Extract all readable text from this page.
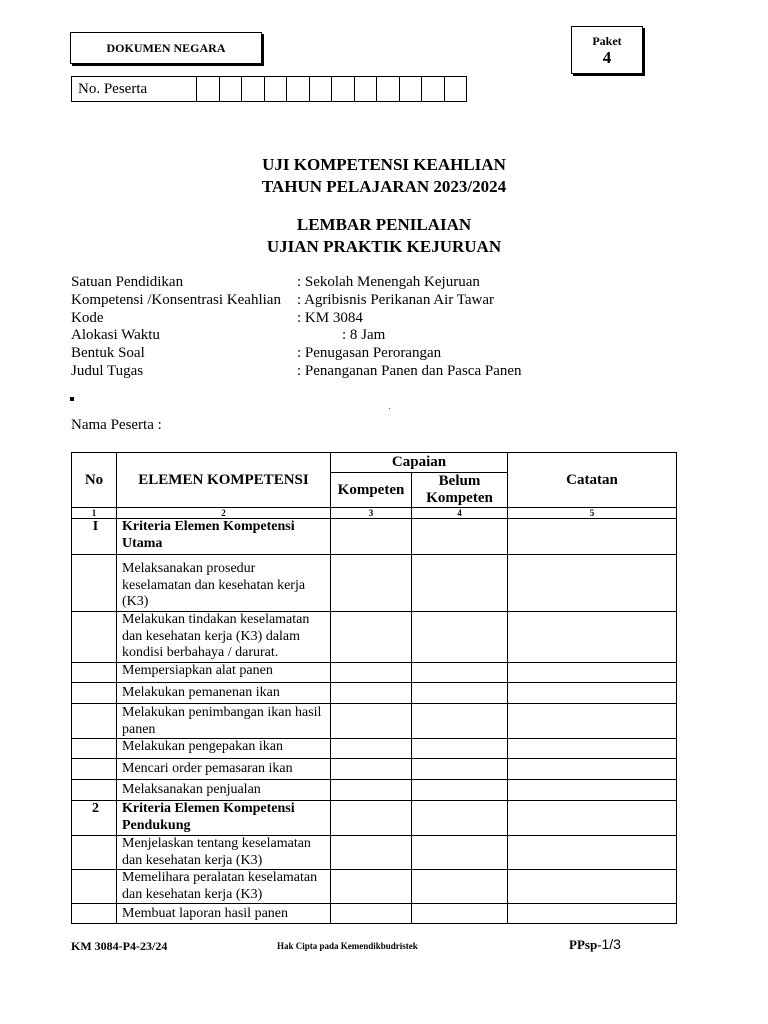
DOKUMEN NEGARA	Paket
4
No. Peserta
UJI KOMPETENSI KEAHLIAN
TAHUN PELAJARAN 2023/2024
LEMBAR PENILAIAN
UJIAN PRAKTIK KEJURUAN
Satuan Pendidikan	: Sekolah Menengah Kejuruan
Kompetensi /Konsentrasi Keahlian	: Agribisnis Perikanan Air Tawar
Kode	: KM 3084
Alokasi Waktu	: 8 Jam
Bentuk Soal	: Penugasan Perorangan
Judul Tugas	: Penanganan Panen dan Pasca Panen
Nama Peserta :
No	ELEMEN KOMPETENSI	Capaian		Catatan
		Kompeten	Belum Kompeten	
1	2	3	4	5
I	Kriteria Elemen Kompetensi Utama			
	Melaksanakan prosedur keselamatan dan kesehatan kerja (K3)			
	Melakukan tindakan keselamatan dan kesehatan kerja (K3) dalam kondisi berbahaya / darurat.			
	Mempersiapkan alat panen			
	Melakukan pemanenan ikan			
	Melakukan penimbangan ikan hasil panen			
	Melakukan pengepakan ikan			
	Mencari order pemasaran ikan			
	Melaksanakan penjualan			
2	Kriteria Elemen Kompetensi Pendukung			
	Menjelaskan tentang keselamatan dan kesehatan kerja (K3)			
	Memelihara peralatan keselamatan dan kesehatan kerja (K3)			
	Membuat laporan hasil panen			
KM 3084-P4-23/24	Hak Cipta pada Kemendikbudristek	PPsp-1/3
